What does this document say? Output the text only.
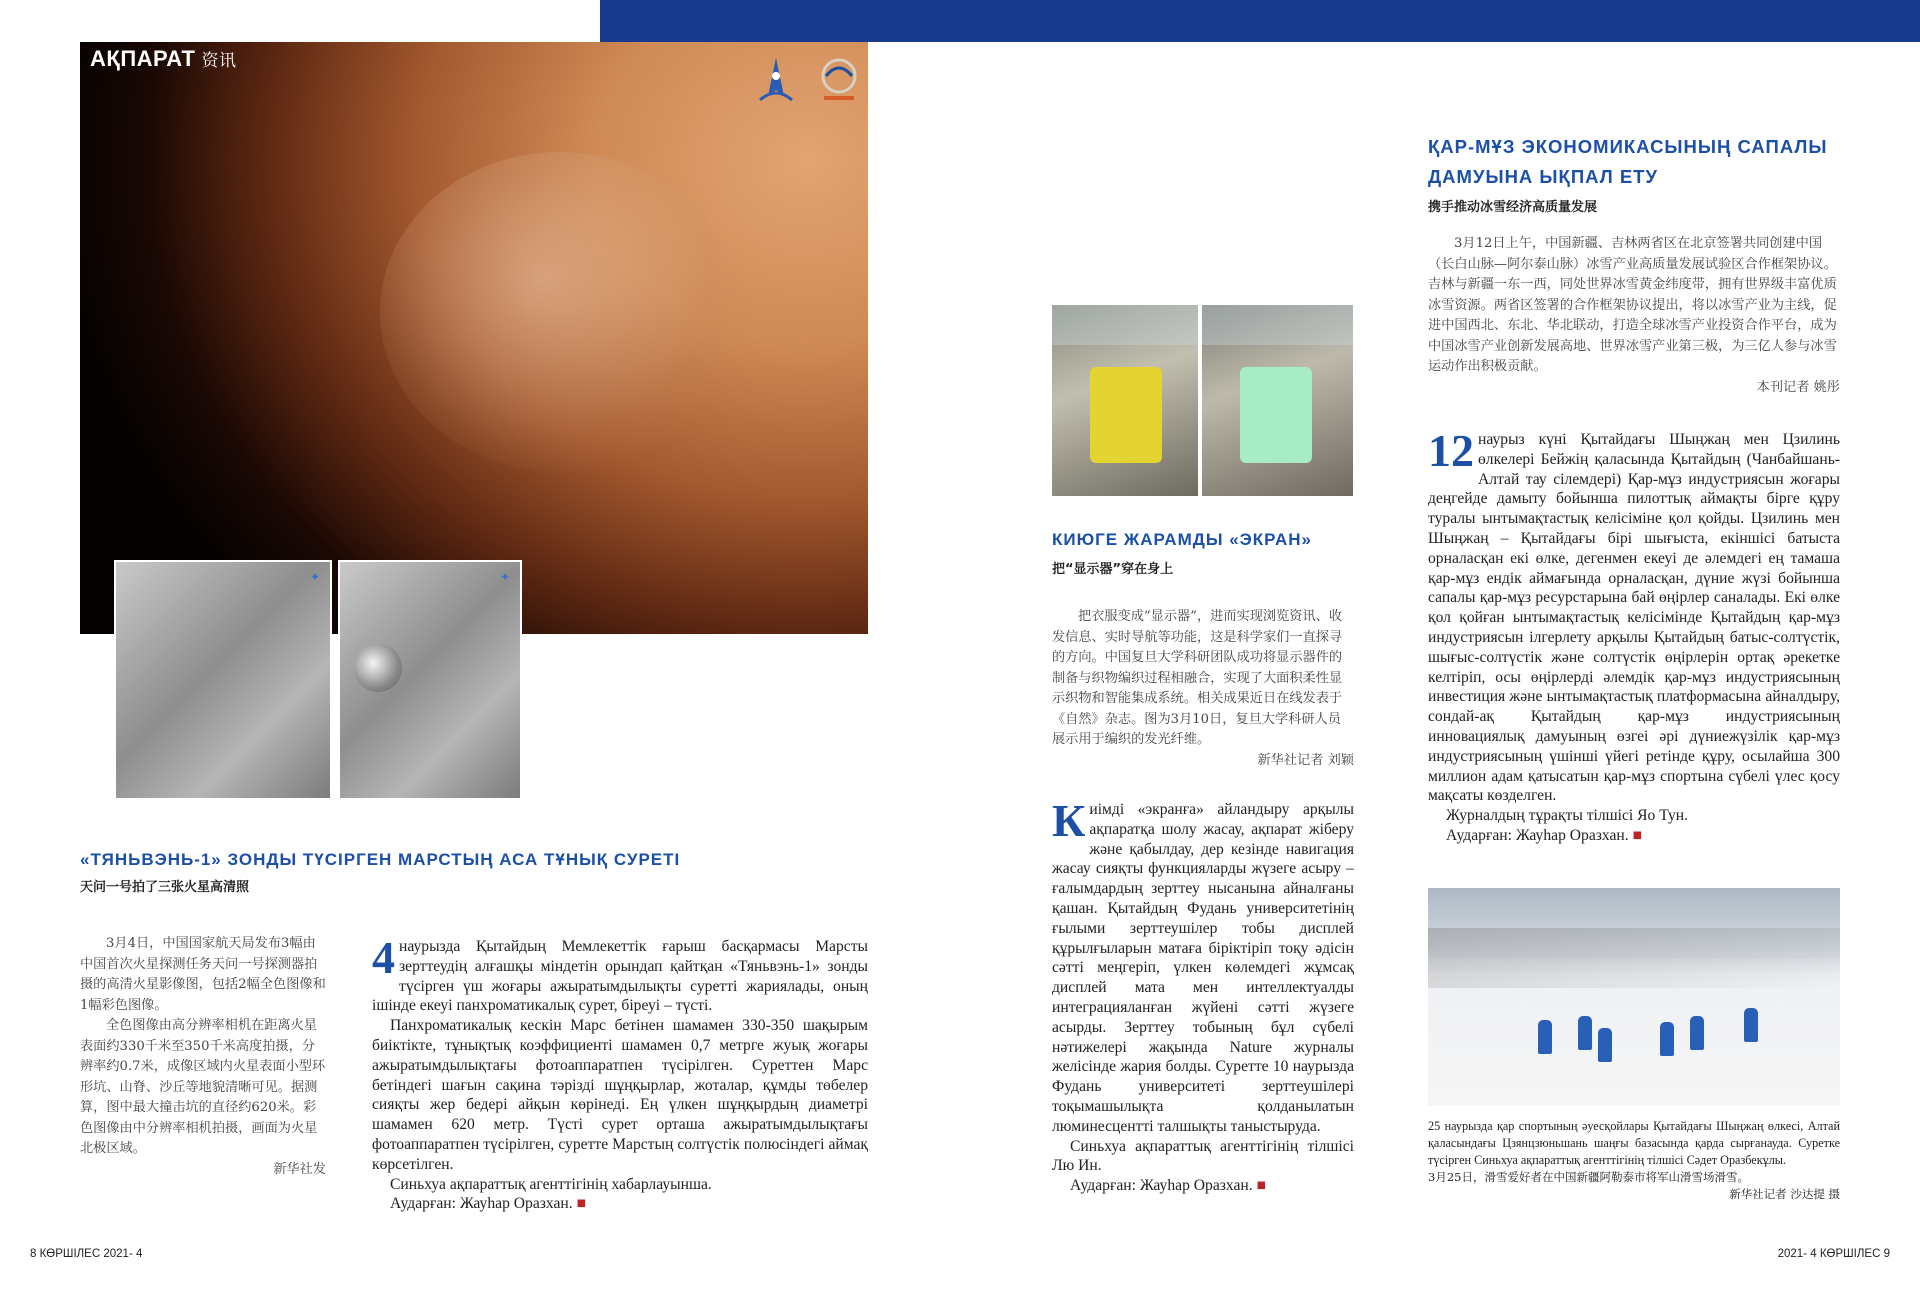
АҚПАРАТ 资讯
✦	✦
«ТЯНЬВЭНЬ-1» ЗОНДЫ ТҮСІРГЕН МАРСТЫҢ АСА ТҰНЫҚ СУРЕТІ
天问一号拍了三张火星高清照
3月4日，中国国家航天局发布3幅由中国首次火星探测任务天问一号探测器拍摄的高清火星影像图，包括2幅全色图像和1幅彩色图像。
全色图像由高分辨率相机在距离火星表面约330千米至350千米高度拍摄，分辨率约0.7米，成像区域内火星表面小型环形坑、山脊、沙丘等地貌清晰可见。据测算，图中最大撞击坑的直径约620米。彩色图像由中分辨率相机拍摄，画面为火星北极区域。
新华社发

4 наурызда Қытайдың Мемлекеттік ғарыш басқармасы Марсты зерттеудің алғашқы міндетін орындап қайтқан «Тяньвэнь-1» зонды түсірген үш жоғары ажыратымдылықты суретті жариялады, оның ішінде екеуі панхроматикалық сурет, біреуі – түсті.

Панхроматикалық кескін Марс бетінен шамамен 330-350 шақырым биіктікте, тұнықтық коэффициенті шамамен 0,7 метрге жуық жоғары ажыратымдылықтағы фотоаппаратпен түсірілген. Суреттен Марс бетіндегі шағын сақина тәрізді шұңқырлар, жоталар, құмды төбелер сияқты жер бедері айқын көрінеді. Ең үлкен шұңқырдың диаметрі шамамен 620 метр. Түсті сурет орташа ажыратымдылықтағы фотоаппаратпен түсірілген, суретте Марстың солтүстік полюсіндегі аймақ көрсетілген.

Синьхуа ақпараттық агенттігінің хабарлауынша.

Аударған: Жауһар Оразхан. ■

КИЮГЕ ЖАРАМДЫ «ЭКРАН»
把“显示器”穿在身上
把衣服变成“显示器”，进而实现浏览资讯、收发信息、实时导航等功能，这是科学家们一直探寻的方向。中国复旦大学科研团队成功将显示器件的制备与织物编织过程相融合，实现了大面积柔性显示织物和智能集成系统。相关成果近日在线发表于《自然》杂志。图为3月10日，复旦大学科研人员展示用于编织的发光纤维。
新华社记者 刘颖

Киімді «экранға» айландыру арқылы ақпаратқа шолу жасау, ақпарат жіберу және қабылдау, дер кезінде навигация жасау сияқты функцияларды жүзеге асыру – ғалымдардың зерттеу нысанына айналғаны қашан. Қытайдың Фудань университетінің ғылыми зерттеушілер тобы дисплей құрылғыларын матаға біріктіріп тоқу әдісін сәтті меңгеріп, үлкен көлемдегі жұмсақ дисплей мата мен интеллектуалды интеграцияланған жүйені сәтті жүзеге асырды. Зерттеу тобының бұл сүбелі нәтижелері жақында Nature журналы желісінде жария болды. Суретте 10 наурызда Фудань университеті зерттеушілері тоқымашылықта қолданылатын люминесцентті талшықты таныстыруда.

Синьхуа ақпараттық агенттігінің тілшісі Лю Ин.

Аударған: Жауһар Оразхан. ■

ҚАР-МҰЗ ЭКОНОМИКАСЫНЫҢ САПАЛЫ
ДАМУЫНА ЫҚПАЛ ЕТУ
携手推动冰雪经济高质量发展
3月12日上午，中国新疆、吉林两省区在北京签署共同创建中国（长白山脉—阿尔泰山脉）冰雪产业高质量发展试验区合作框架协议。吉林与新疆一东一西，同处世界冰雪黄金纬度带，拥有世界级丰富优质冰雪资源。两省区签署的合作框架协议提出，将以冰雪产业为主线，促进中国西北、东北、华北联动，打造全球冰雪产业投资合作平台，成为中国冰雪产业创新发展高地、世界冰雪产业第三极，为三亿人参与冰雪运动作出积极贡献。
本刊记者 姚彤

12 наурыз күні Қытайдағы Шыңжаң мен Цзилинь өлкелері Бейжің қаласында Қытайдың (Чанбайшань-Алтай тау сілемдері) Қар-мұз индустриясын жоғары деңгейде дамыту бойынша пилоттық аймақты бірге құру туралы ынтымақтастық келісіміне қол қойды. Цзилинь мен Шыңжаң – Қытайдағы бірі шығыста, екіншісі батыста орналасқан екі өлке, дегенмен екеуі де әлемдегі ең тамаша қар-мұз ендік аймағында орналасқан, дүние жүзі бойынша сапалы қар-мұз ресурстарына бай өңірлер саналады. Екі өлке қол қойған ынтымақтастық келісімінде Қытайдың қар-мұз индустриясын ілгерлету арқылы Қытайдың батыс-солтүстік, шығыс-солтүстік және солтүстік өңірлерін ортақ әрекетке келтіріп, осы өңірлерді әлемдік қар-мұз индустриясының инвестиция және ынтымақтастық платформасына айналдыру, сондай-ақ Қытайдың қар-мұз индустриясының инновациялық дамуының өзгеі әрі дүниежүзілік қар-мұз индустриясының үшінші үйегі ретінде құру, осылайша 300 миллион адам қатысатын қар-мұз спортына сүбелі үлес қосу мақсаты көзделген.

Журналдың тұрақты тілшісі Яо Тун.

Аударған: Жауһар Оразхан. ■

25 наурызда қар спортының әуесқойлары Қытайдағы Шыңжаң өлкесі, Алтай қаласындағы Цзянцзюньшань шаңғы базасында қарда сырғанауда. Суретке түсірген Синьхуа ақпараттық агенттігінің тілшісі Сәдет Оразбекұлы.
3月25日，滑雪爱好者在中国新疆阿勒泰市将军山滑雪场滑雪。
新华社记者 沙达提 摄
8 КӨРШІЛЕС 2021- 4	2021- 4 КӨРШІЛЕС 9
